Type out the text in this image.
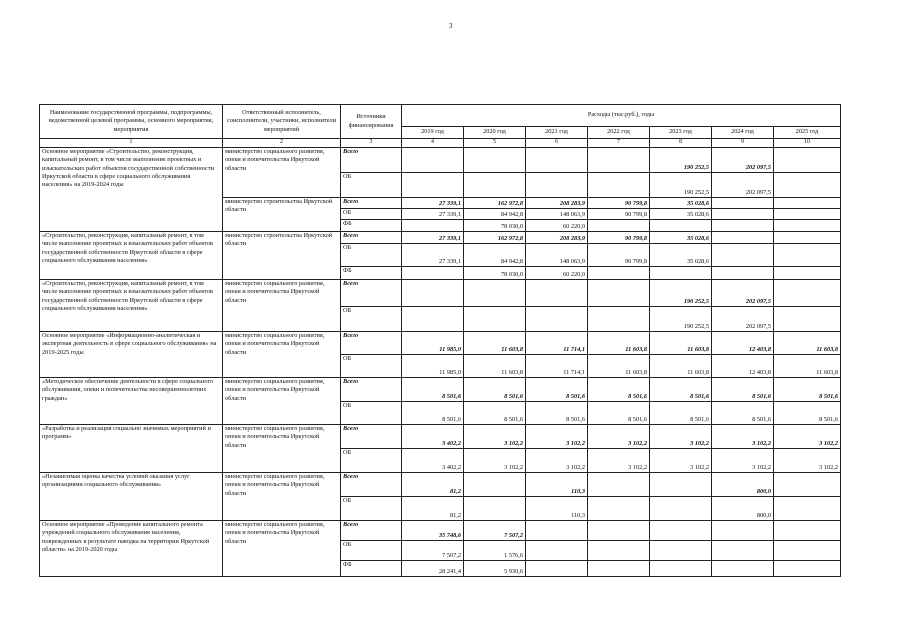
3
Наименование государственной программы, подпрограммы, ведомственной целевой программы, основного мероприятия, мероприятия	Ответственный исполнитель, соисполнители, участники, исполнители мероприятий	Источники финансирования	Расходы (тыс.руб.), годы						
			2019 год	2020 год	2021 год	2022 год	2023 год	2024 год	2025 год
1	2	3	4	5	6	7	8	9	10
Основное мероприятие «Строительство, реконструкция, капитальный ремонт, в том числе выполнение проектных и изыскательских работ объектов государственной собственности Иркутской области в сфере социального обслуживания населения» на 2019-2024 годы	министерство социального развития, опеки и попечительства Иркутской области	Всего					190 252,5	202 097,5	
		ОБ					190 252,5	202 097,5	
	министерство строительства Иркутской области	Всего	27 339,1	162 972,8	208 283,9	90 799,8	35 028,6		
		ОБ	27 339,1	84 942,8	148 063,9	90 799,8	35 028,6		
		ФБ		78 030,0	60 220,0				
«Строительство, реконструкция, капитальный ремонт, в том числе выполнение проектных и изыскательских работ объектов государственной собственности Иркутской области в сфере социального обслуживания населения»	министерство строительства Иркутской области	Всего	27 339,1	162 972,8	208 283,9	90 799,8	35 028,6		
		ОБ	27 339,1	84 942,8	148 063,9	90 799,8	35 028,6		
		ФБ		78 030,0	60 220,0				
«Строительство, реконструкция, капитальный ремонт, в том числе выполнение проектных и изыскательских работ объектов государственной собственности Иркутской области в сфере социального обслуживания населения»	министерство социального развития, опеки и попечительства Иркутской области	Всего					190 252,5	202 097,5	
		ОБ					190 252,5	202 097,5	
Основное мероприятие «Информационно-аналитическая и экспертная деятельность в сфере социального обслуживания» на 2019-2025 годы	министерство социального развития, опеки и попечительства Иркутской области	Всего	11 985,0	11 603,8	11 714,1	11 603,8	11 603,8	12 403,8	11 603,8
		ОБ	11 985,0	11 603,8	11 714,1	11 603,8	11 603,8	12 403,8	11 603,8
«Методическое обеспечение деятельности в сфере социального обслуживания, опеки и попечительства несовершеннолетних граждан»	министерство социального развития, опеки и попечительства Иркутской области	Всего	8 501,6	8 501,6	8 501,6	8 501,6	8 501,6	8 501,6	8 501,6
		ОБ	8 501,6	8 501,6	8 501,6	8 501,6	8 501,6	8 501,6	8 501,6
«Разработка и реализация социально значимых мероприятий и программ»	министерство социального развития, опеки и попечительства Иркутской области	Всего	3 402,2	3 102,2	3 102,2	3 102,2	3 102,2	3 102,2	3 102,2
		ОБ	3 402,2	3 102,2	3 102,2	3 102,2	3 102,2	3 102,2	3 102,2
«Независимая оценка качества условий оказания услуг организациями социального обслуживания»	министерство социального развития, опеки и попечительства Иркутской области	Всего	81,2		110,3			800,0	
		ОБ	81,2		110,3			800,0	
Основное мероприятие «Проведение капитального ремонта учреждений социального обслуживания населения, поврежденных в результате паводка на территории Иркутской области» на 2019-2020 годы	министерство социального развития, опеки и попечительства Иркутской области	Всего	35 748,6	7 507,2					
		ОБ	7 507,2	1 576,6					
		ФБ	28 241,4	5 930,6					
